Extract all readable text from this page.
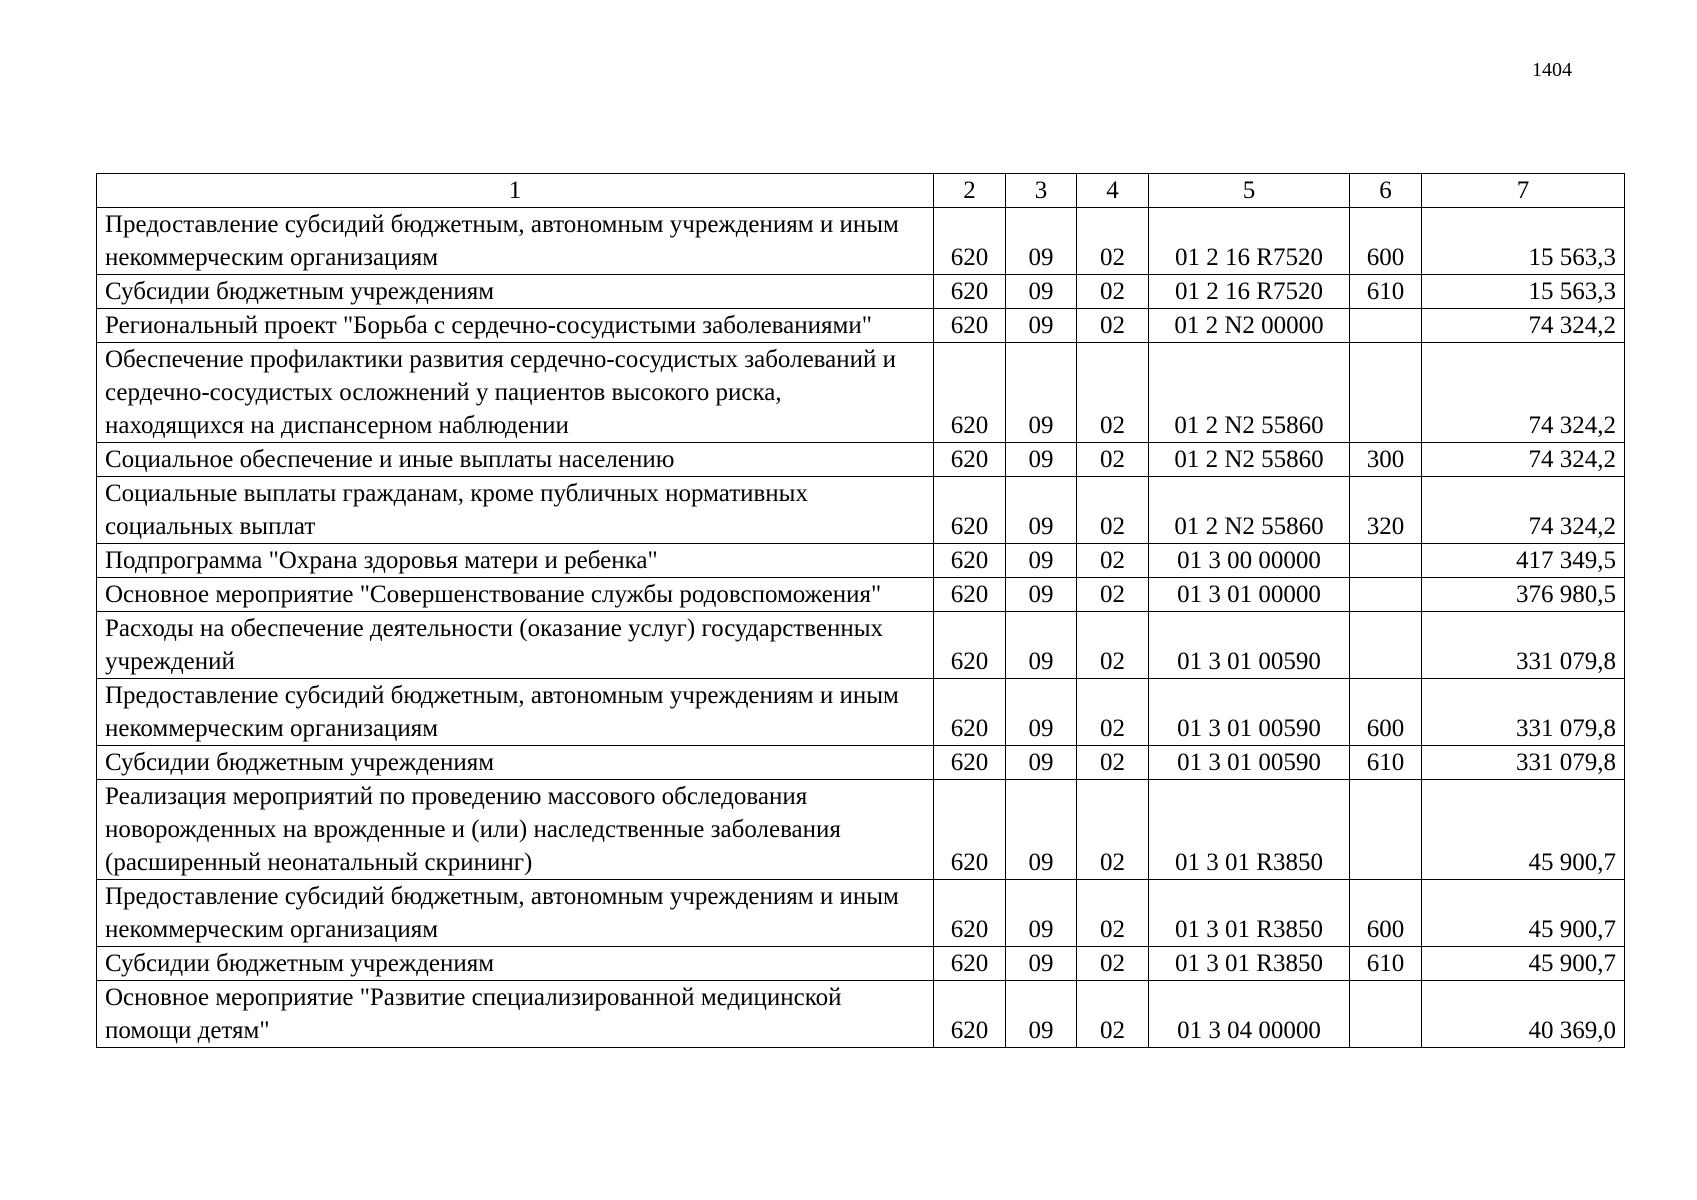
1404
1	2	3	4	5	6	7
Предоставление субсидий бюджетным, автономным учреждениям и иным некоммерческим организациям	620	09	02	01 2 16 R7520	600	15 563,3
Субсидии бюджетным учреждениям	620	09	02	01 2 16 R7520	610	15 563,3
Региональный проект "Борьба с сердечно-сосудистыми заболеваниями"	620	09	02	01 2 N2 00000		74 324,2
Обеспечение профилактики развития сердечно-сосудистых заболеваний и сердечно-сосудистых осложнений у пациентов высокого риска, находящихся на диспансерном наблюдении	620	09	02	01 2 N2 55860		74 324,2
Социальное обеспечение и иные выплаты населению	620	09	02	01 2 N2 55860	300	74 324,2
Социальные выплаты гражданам, кроме публичных нормативных социальных выплат	620	09	02	01 2 N2 55860	320	74 324,2
Подпрограмма "Охрана здоровья матери и ребенка"	620	09	02	01 3 00 00000		417 349,5
Основное мероприятие "Совершенствование службы родовспоможения"	620	09	02	01 3 01 00000		376 980,5
Расходы на обеспечение деятельности (оказание услуг) государственных учреждений	620	09	02	01 3 01 00590		331 079,8
Предоставление субсидий бюджетным, автономным учреждениям и иным некоммерческим организациям	620	09	02	01 3 01 00590	600	331 079,8
Субсидии бюджетным учреждениям	620	09	02	01 3 01 00590	610	331 079,8
Реализация мероприятий по проведению массового обследования новорожденных на врожденные и (или) наследственные заболевания (расширенный неонатальный скрининг)	620	09	02	01 3 01 R3850		45 900,7
Предоставление субсидий бюджетным, автономным учреждениям и иным некоммерческим организациям	620	09	02	01 3 01 R3850	600	45 900,7
Субсидии бюджетным учреждениям	620	09	02	01 3 01 R3850	610	45 900,7
Основное мероприятие "Развитие специализированной медицинской помощи детям"	620	09	02	01 3 04 00000		40 369,0
